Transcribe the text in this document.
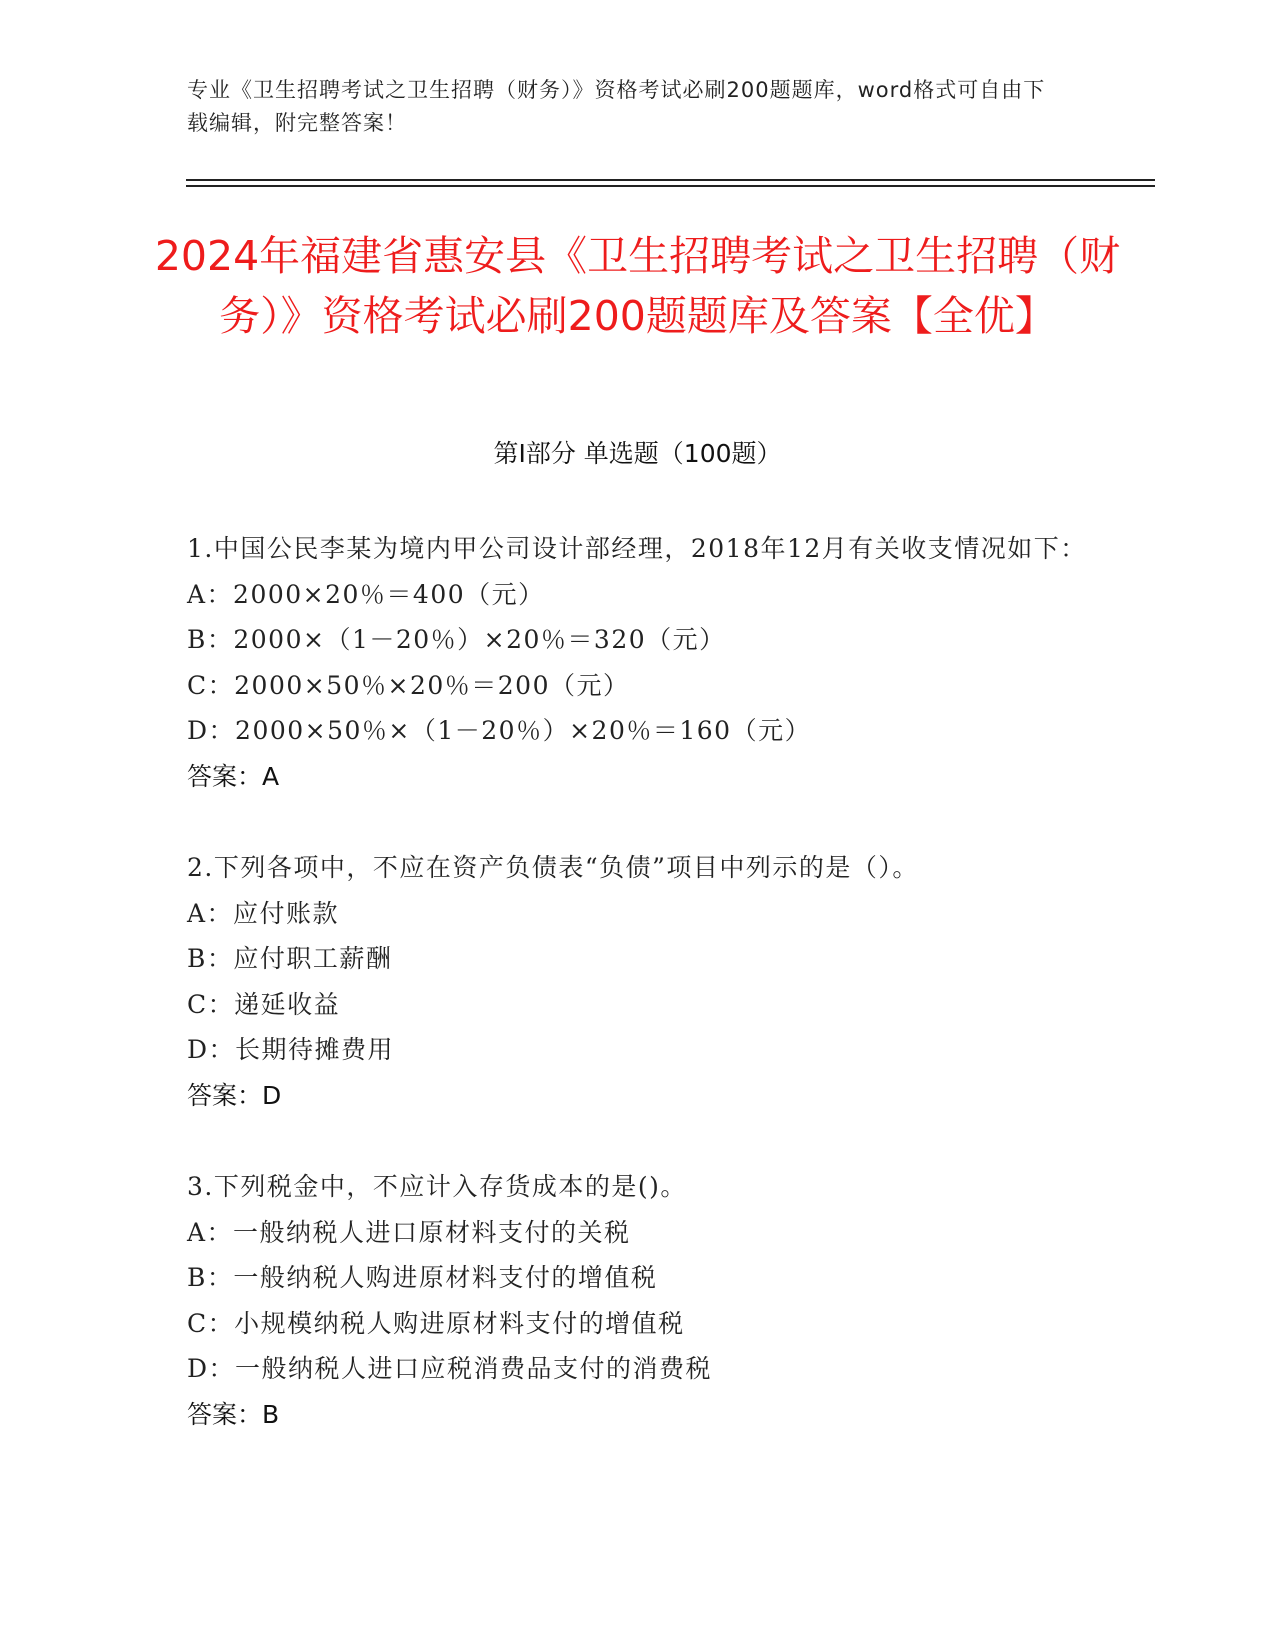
专业《卫生招聘考试之卫生招聘（财务）》资格考试必刷200题题库，word格式可自由下载编辑，附完整答案！
2024年福建省惠安县《卫生招聘考试之卫生招聘（财务）》资格考试必刷200题题库及答案【全优】
第Ⅰ部分 单选题（100题）
1.中国公民李某为境内甲公司设计部经理，2018年12月有关收支情况如下：
A：2000×20％＝400（元）
B：2000×（1－20％）×20％＝320（元）
C：2000×50％×20％＝200（元）
D：2000×50％×（1－20％）×20％＝160（元）
答案：A
2.下列各项中，不应在资产负债表“负债”项目中列示的是（）。
A：应付账款
B：应付职工薪酬
C：递延收益
D：长期待摊费用
答案：D
3.下列税金中，不应计入存货成本的是()。
A：一般纳税人进口原材料支付的关税
B：一般纳税人购进原材料支付的增值税
C：小规模纳税人购进原材料支付的增值税
D：一般纳税人进口应税消费品支付的消费税
答案：B
